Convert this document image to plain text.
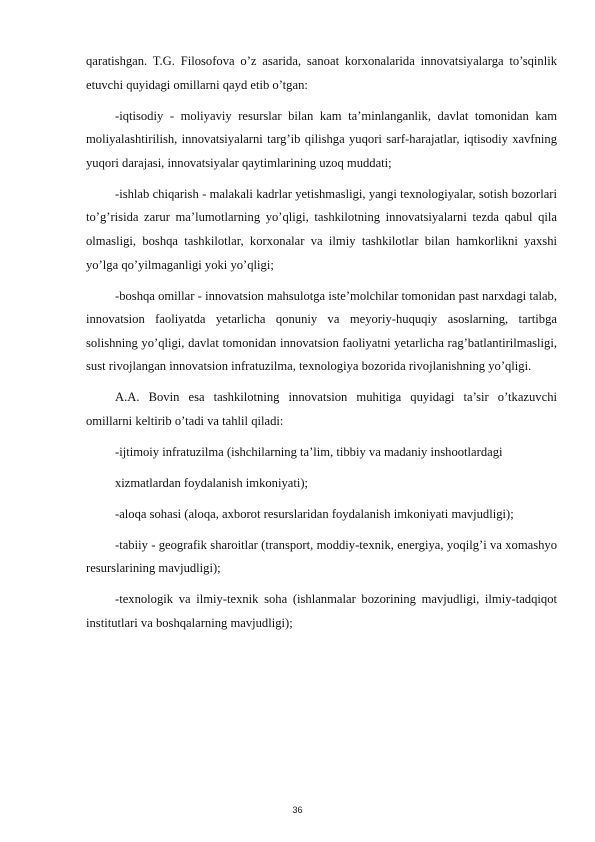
qaratishgan. T.G. Filosofova o’z asarida, sanoat korxonalarida innovatsiyalarga to’sqinlik etuvchi quyidagi omillarni qayd etib o’tgan:

-iqtisodiy - moliyaviy resurslar bilan kam ta’minlanganlik, davlat tomonidan kam moliyalashtirilish, innovatsiyalarni targ’ib qilishga yuqori sarf-harajatlar, iqtisodiy xavfning yuqori darajasi, innovatsiyalar qaytimlarining uzoq muddati;

-ishlab chiqarish - malakali kadrlar yetishmasligi, yangi texnologiyalar, sotish bozorlari to’g’risida zarur ma’lumotlarning yo’qligi, tashkilotning innovatsiyalarni tezda qabul qila olmasligi, boshqa tashkilotlar, korxonalar va ilmiy tashkilotlar bilan hamkorlikni yaxshi yo’lga qo’yilmaganligi yoki yo’qligi;

-boshqa omillar - innovatsion mahsulotga iste’molchilar tomonidan past narxdagi talab, innovatsion faoliyatda yetarlicha qonuniy va meyoriy-huquqiy asoslarning, tartibga solishning yo’qligi, davlat tomonidan innovatsion faoliyatni yetarlicha rag’batlantirilmasligi, sust rivojlangan innovatsion infratuzilma, texnologiya bozorida rivojlanishning yo’qligi.

A.A. Bovin esa tashkilotning innovatsion muhitiga quyidagi ta’sir o’tkazuvchi omillarni keltirib o’tadi va tahlil qiladi:

-ijtimoiy infratuzilma (ishchilarning ta’lim, tibbiy va madaniy inshootlardagi

xizmatlardan foydalanish imkoniyati);

-aloqa sohasi (aloqa, axborot resurslaridan foydalanish imkoniyati mavjudligi);

-tabiiy - geografik sharoitlar (transport, moddiy-texnik, energiya, yoqilg’i va xomashyo resurslarining mavjudligi);

-texnologik va ilmiy-texnik soha (ishlanmalar bozorining mavjudligi, ilmiy-tadqiqot institutlari va boshqalarning mavjudligi);

36
